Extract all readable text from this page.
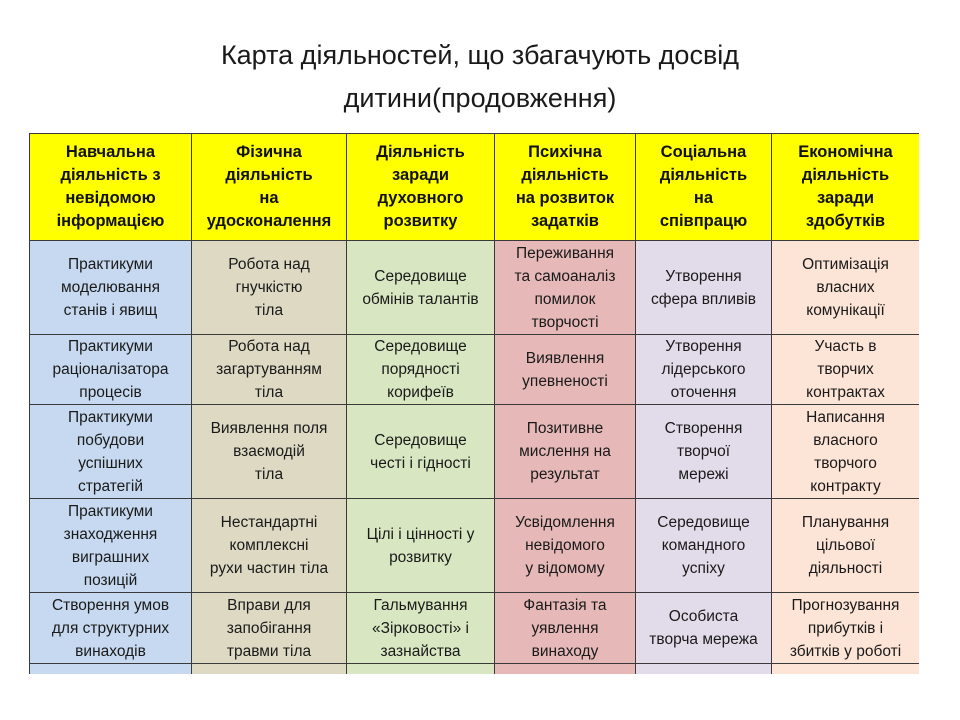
Карта діяльностей, що збагачують досвід
дитини(продовження)
Навчальна
діяльність з
невідомою
інформацією	Фізична
діяльність
на
удосконалення	Діяльність
заради
духовного
розвитку	Психічна
діяльність
на розвиток
задатків	Соціальна
діяльність
на
співпрацю	Економічна
діяльність
заради
здобутків

Практикуми
моделювання
станів і явищ	Робота над
гнучкістю
тіла	Середовище
обмінів талантів	Переживання
та самоаналіз
помилок
творчості	Утворення
сфера впливів	Оптимізація
власних
комунікації

Практикуми
раціоналізатора
процесів	Робота над
загартуванням
тіла	Середовище
порядності
корифеїв	Виявлення
упевненості	Утворення
лідерського
оточення	Участь в
творчих
контрактах

Практикуми
побудови
успішних
стратегій	Виявлення поля
взаємодій
тіла	Середовище
честі і гідності	Позитивне
мислення на
результат	Створення
творчої
мережі	Написання
власного
творчого
контракту

Практикуми
знаходження
виграшних
позицій	Нестандартні
комплексні
рухи частин тіла	Цілі і цінності у
розвитку	Усвідомлення
невідомого
у відомому	Середовище
командного
успіху	Планування
цільової
діяльності

Створення умов
для структурних
винаходів	Вправи для
запобігання
травми тіла	Гальмування
«Зірковості» і
зазнайства	Фантазія та
уявлення
винаходу	Особиста
творча мережа	Прогнозування
прибутків і
збитків у роботі
